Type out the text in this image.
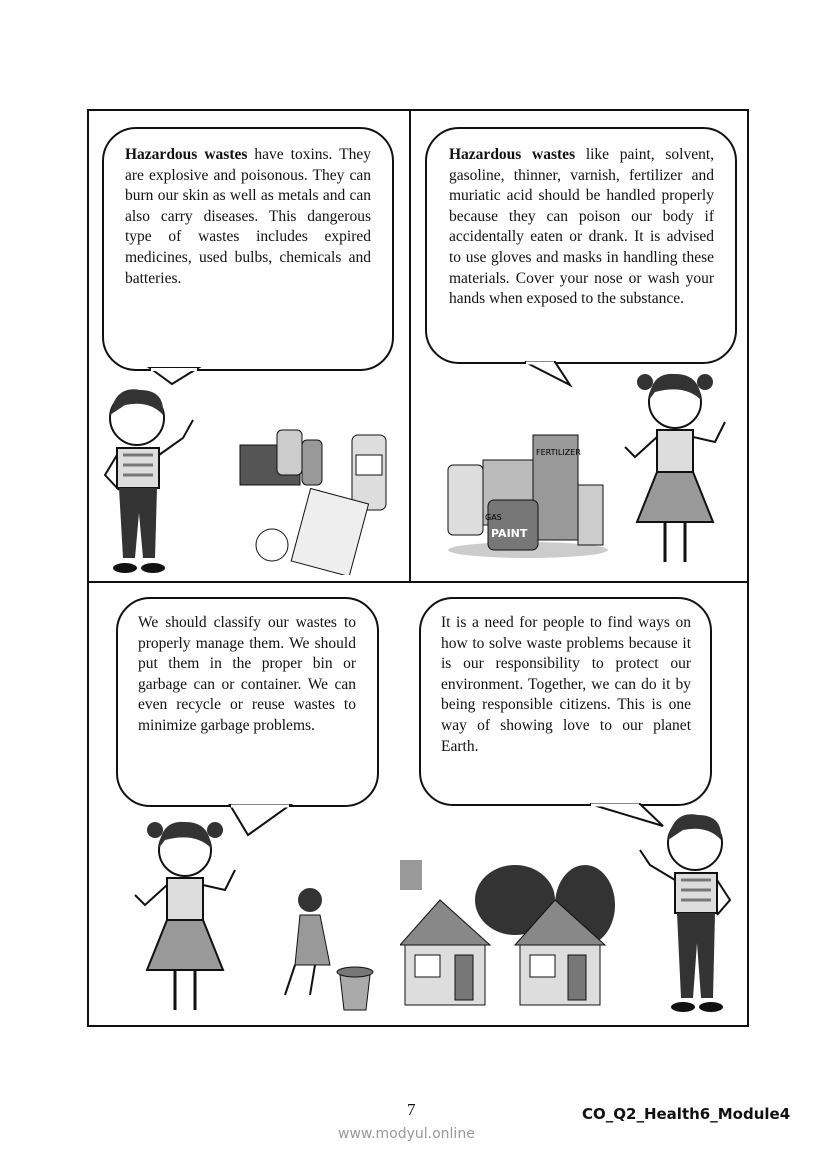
Hazardous wastes have toxins. They are explosive and poisonous. They can burn our skin as well as metals and can also carry diseases. This dangerous type of wastes includes expired medicines, used bulbs, chemicals and batteries.
Hazardous wastes like paint, solvent, gasoline, thinner, varnish, fertilizer and muriatic acid should be handled properly because they can poison our body if accidentally eaten or drank. It is advised to use gloves and masks in handling these materials. Cover your nose or wash your hands when exposed to the substance.
We should classify our wastes to properly manage them. We should put them in the proper bin or garbage can or container. We can even recycle or reuse wastes to minimize garbage problems.
It is a need for people to find ways on how to solve waste problems because it is our responsibility to protect our environment. Together, we can do it by being responsible citizens. This is one way of showing love to our planet Earth.
FERTILIZER
PAINT
GAS
7	CO_Q2_Health6_Module4
www.modyul.online
